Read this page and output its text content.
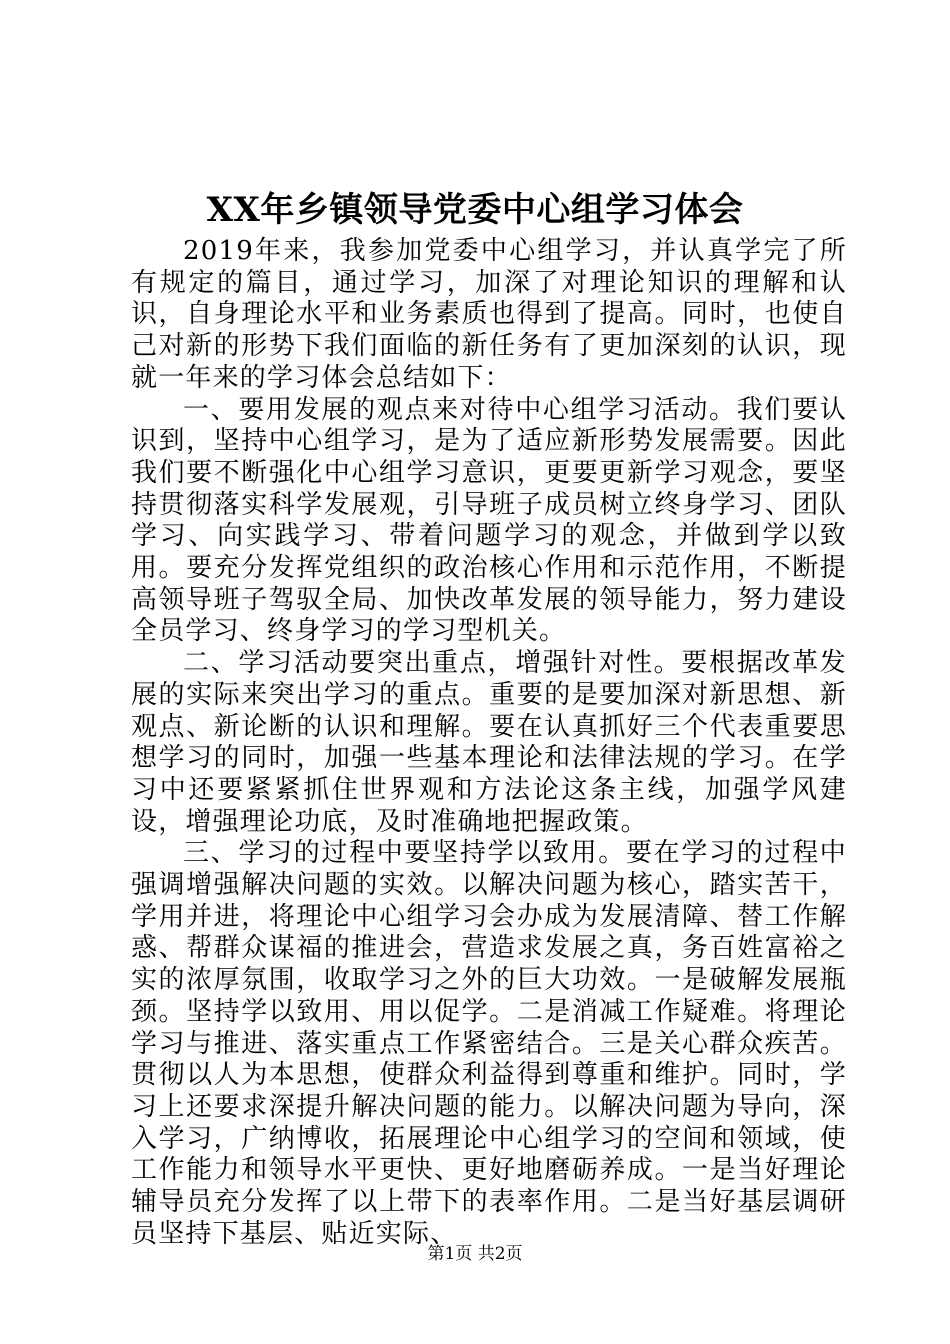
XX年乡镇领导党委中心组学习体会

2019年来，我参加党委中心组学习，并认真学完了所有规定的篇目，通过学习，加深了对理论知识的理解和认识，自身理论水平和业务素质也得到了提高。同时，也使自己对新的形势下我们面临的新任务有了更加深刻的认识，现就一年来的学习体会总结如下：

一、要用发展的观点来对待中心组学习活动。我们要认识到，坚持中心组学习，是为了适应新形势发展需要。因此我们要不断强化中心组学习意识，更要更新学习观念，要坚持贯彻落实科学发展观，引导班子成员树立终身学习、团队学习、向实践学习、带着问题学习的观念，并做到学以致用。要充分发挥党组织的政治核心作用和示范作用，不断提高领导班子驾驭全局、加快改革发展的领导能力，努力建设全员学习、终身学习的学习型机关。

二、学习活动要突出重点，增强针对性。要根据改革发展的实际来突出学习的重点。重要的是要加深对新思想、新观点、新论断的认识和理解。要在认真抓好三个代表重要思想学习的同时，加强一些基本理论和法律法规的学习。在学习中还要紧紧抓住世界观和方法论这条主线，加强学风建设，增强理论功底，及时准确地把握政策。

三、学习的过程中要坚持学以致用。要在学习的过程中强调增强解决问题的实效。以解决问题为核心，踏实苦干，学用并进，将理论中心组学习会办成为发展清障、替工作解惑、帮群众谋福的推进会，营造求发展之真，务百姓富裕之实的浓厚氛围，收取学习之外的巨大功效。一是破解发展瓶颈。坚持学以致用、用以促学。二是消减工作疑难。将理论学习与推进、落实重点工作紧密结合。三是关心群众疾苦。贯彻以人为本思想，使群众利益得到尊重和维护。同时，学习上还要求深提升解决问题的能力。以解决问题为导向，深入学习，广纳博收，拓展理论中心组学习的空间和领域，使工作能力和领导水平更快、更好地磨砺养成。一是当好理论辅导员充分发挥了以上带下的表率作用。二是当好基层调研员坚持下基层、贴近实际、

第1页 共2页
